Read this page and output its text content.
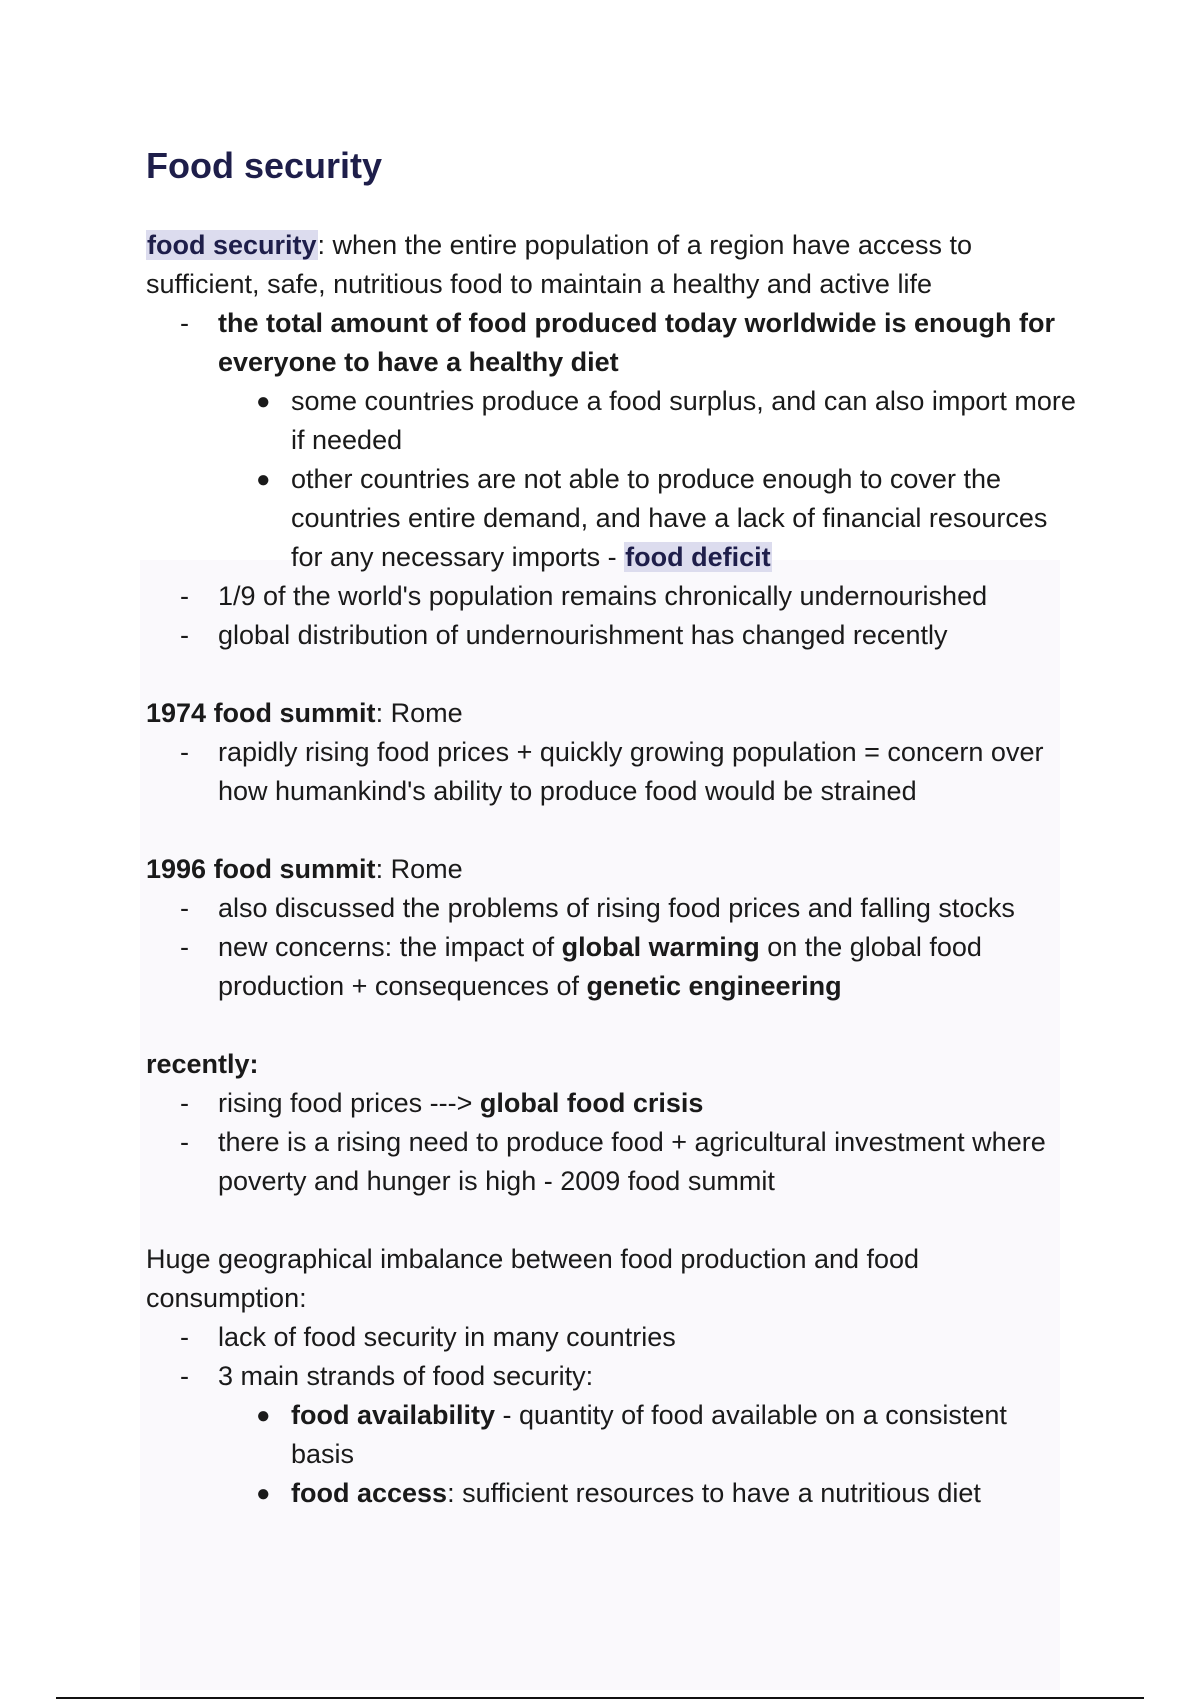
Food security

food security: when the entire population of a region have access to sufficient, safe, nutritious food to maintain a healthy and active life

- the total amount of food produced today worldwide is enough for everyone to have a healthy diet
● some countries produce a food surplus, and can also import more if needed
● other countries are not able to produce enough to cover the countries entire demand, and have a lack of financial resources for any necessary imports - food deficit
- 1/9 of the world's population remains chronically undernourished
- global distribution of undernourishment has changed recently

1974 food summit: Rome

- rapidly rising food prices + quickly growing population = concern over how humankind's ability to produce food would be strained

1996 food summit: Rome

- also discussed the problems of rising food prices and falling stocks
- new concerns: the impact of global warming on the global food production + consequences of genetic engineering

recently:

- rising food prices ---> global food crisis
- there is a rising need to produce food + agricultural investment where poverty and hunger is high - 2009 food summit

Huge geographical imbalance between food production and food consumption:

- lack of food security in many countries
- 3 main strands of food security:
● food availability - quantity of food available on a consistent basis
● food access: sufficient resources to have a nutritious diet
